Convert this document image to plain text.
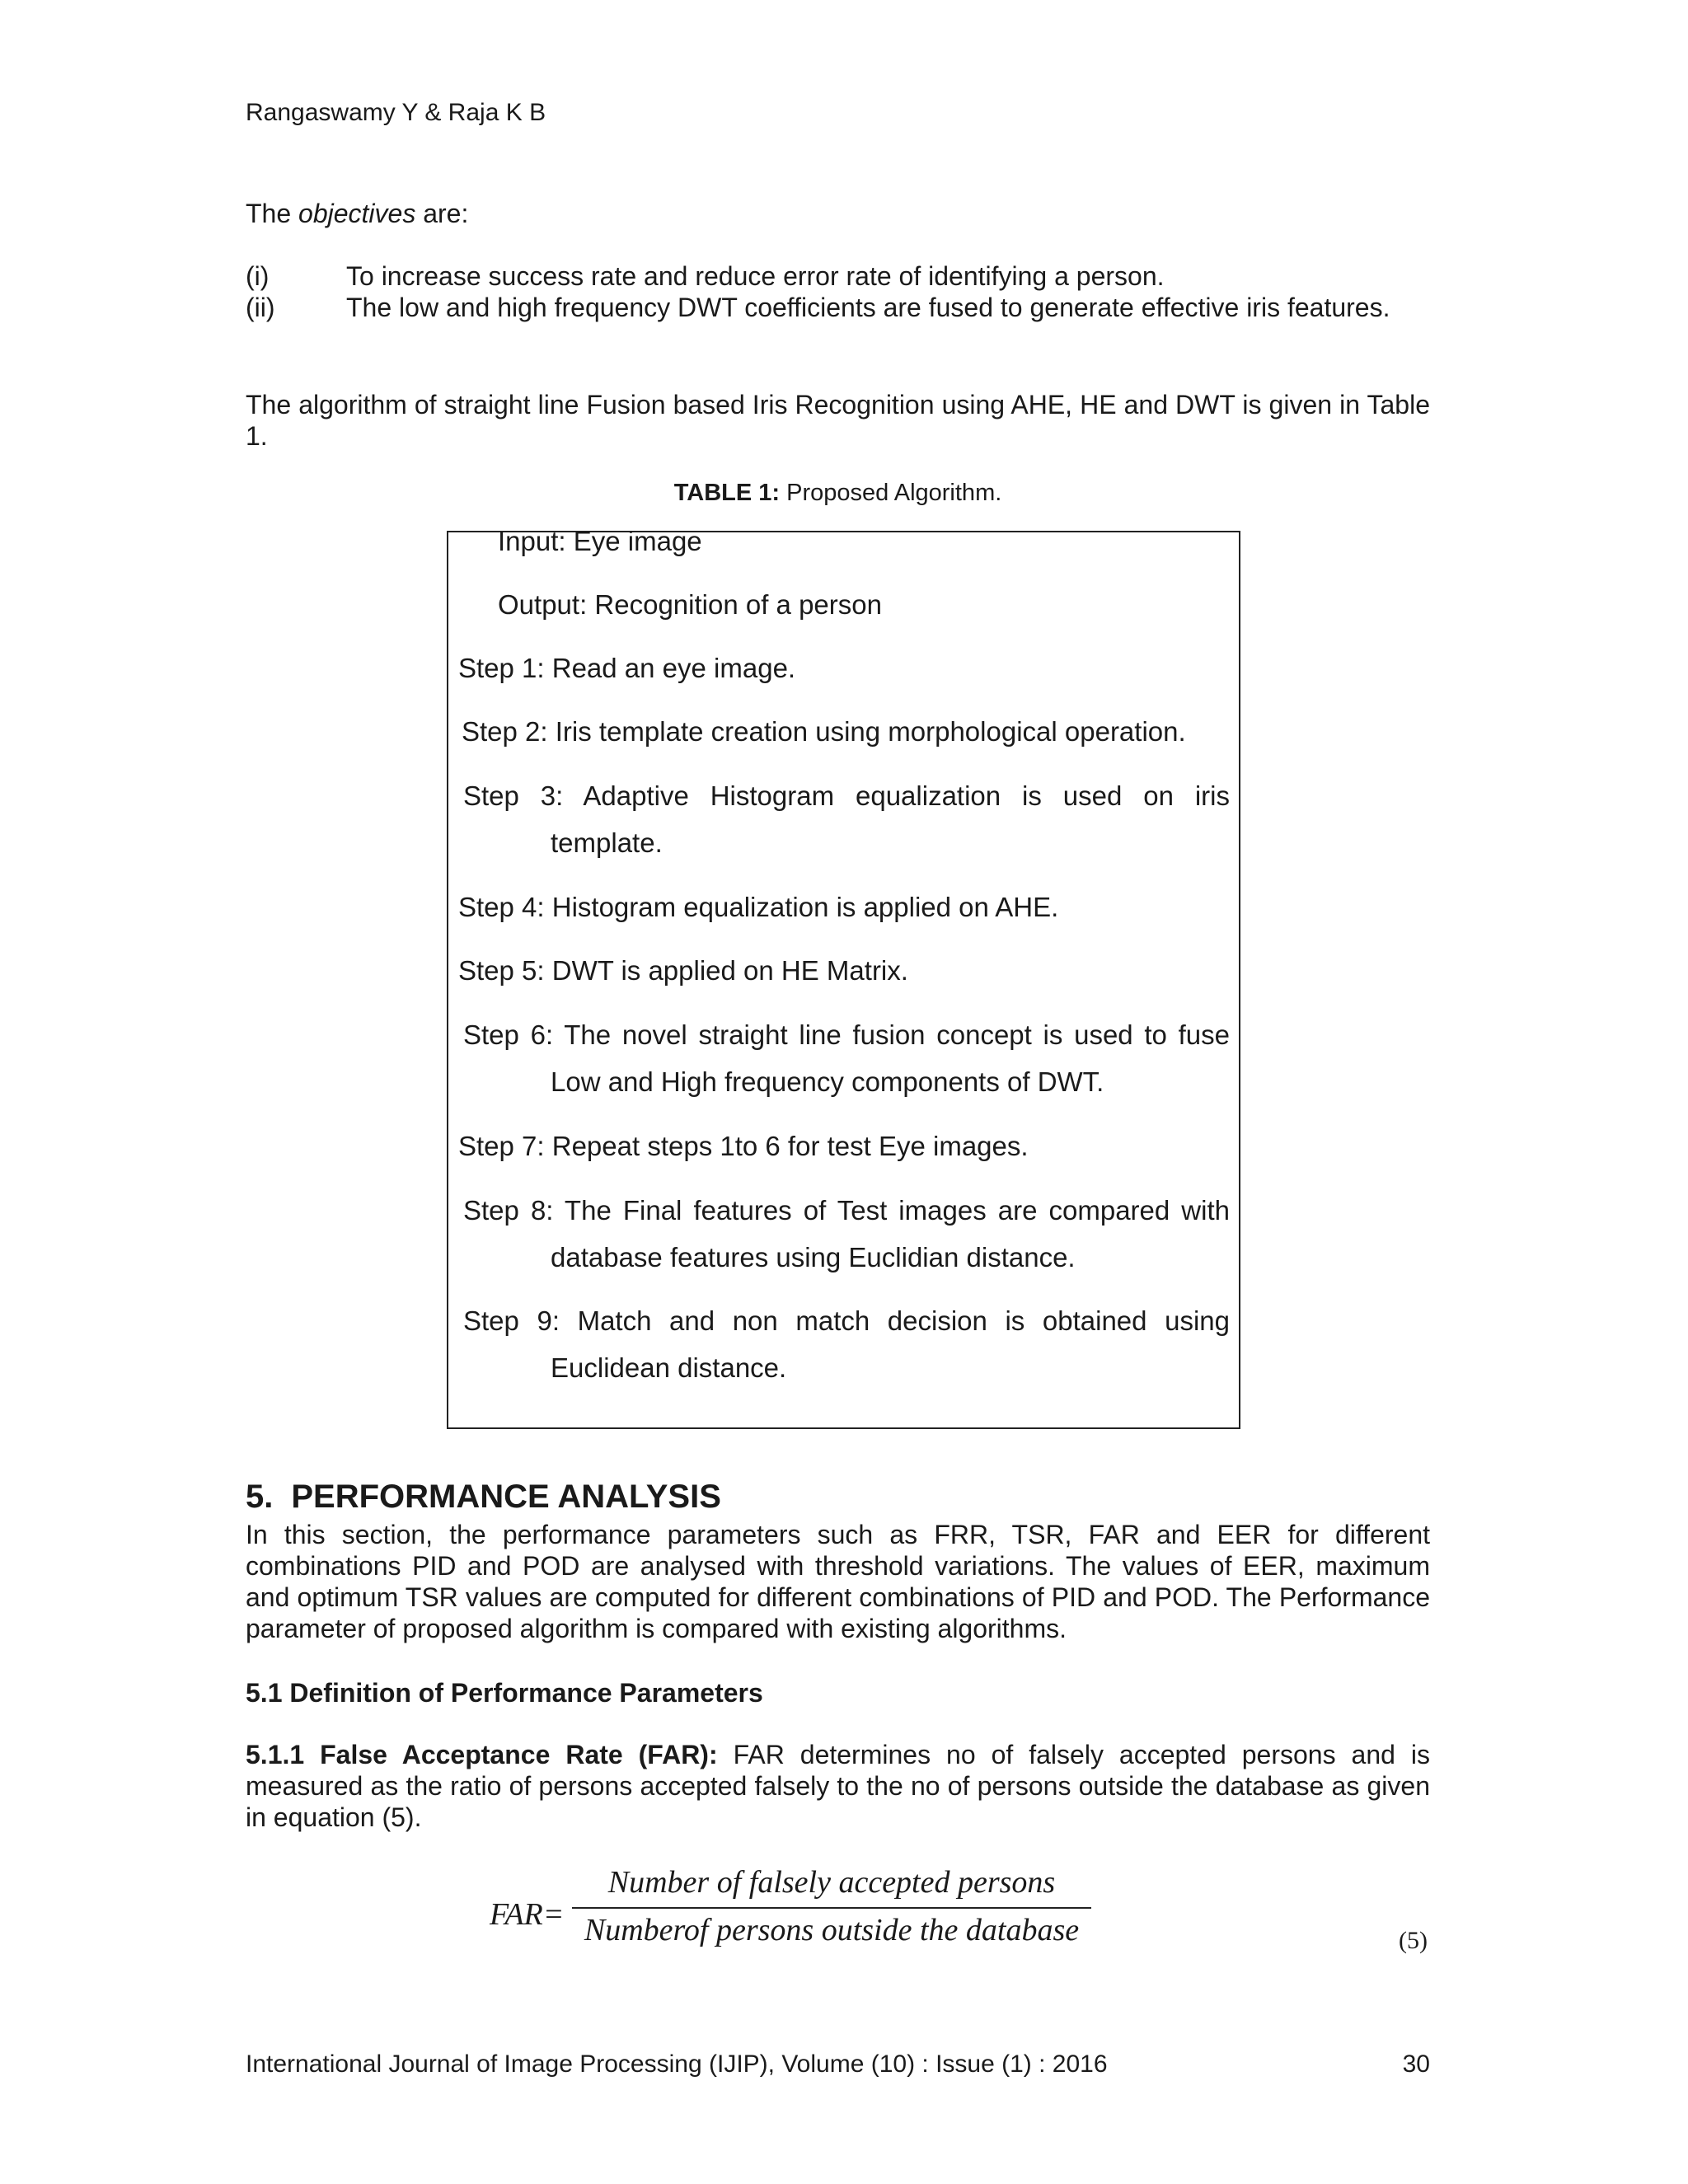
Rangaswamy Y & Raja K B
The objectives are:
(i)	To increase success rate and reduce error rate of identifying a person.
(ii)	The low and high frequency DWT coefficients are fused to generate effective iris features.
The algorithm of straight line Fusion based Iris Recognition using AHE, HE and DWT is given in Table 1.
TABLE 1: Proposed Algorithm.
Input: Eye image
Output: Recognition of a person
Step 1: Read an eye image.
Step 2: Iris template creation using morphological operation.
Step 3: Adaptive Histogram equalization is used on iris
template.
Step 4: Histogram equalization is applied on AHE.
Step 5: DWT is applied on HE Matrix.
Step 6: The novel straight line fusion concept is used to fuse
Low and High frequency components of DWT.
Step 7: Repeat steps 1to 6 for test Eye images.
Step 8: The Final features of Test images are compared with
database features using Euclidian distance.
Step 9: Match and non match decision is obtained using
Euclidean distance.
5. PERFORMANCE ANALYSIS
In this section, the performance parameters such as FRR, TSR, FAR and EER for different combinations PID and POD are analysed with threshold variations. The values of EER, maximum and optimum TSR values are computed for different combinations of PID and POD. The Performance parameter of proposed algorithm is compared with existing algorithms.
5.1 Definition of Performance Parameters
5.1.1 False Acceptance Rate (FAR): FAR determines no of falsely accepted persons and is measured as the ratio of persons accepted falsely to the no of persons outside the database as given in equation (5).
FAR=
Number of falsely accepted persons
Numberof persons outside the database	(5)
International Journal of Image Processing (IJIP), Volume (10) : Issue (1) : 2016	30
